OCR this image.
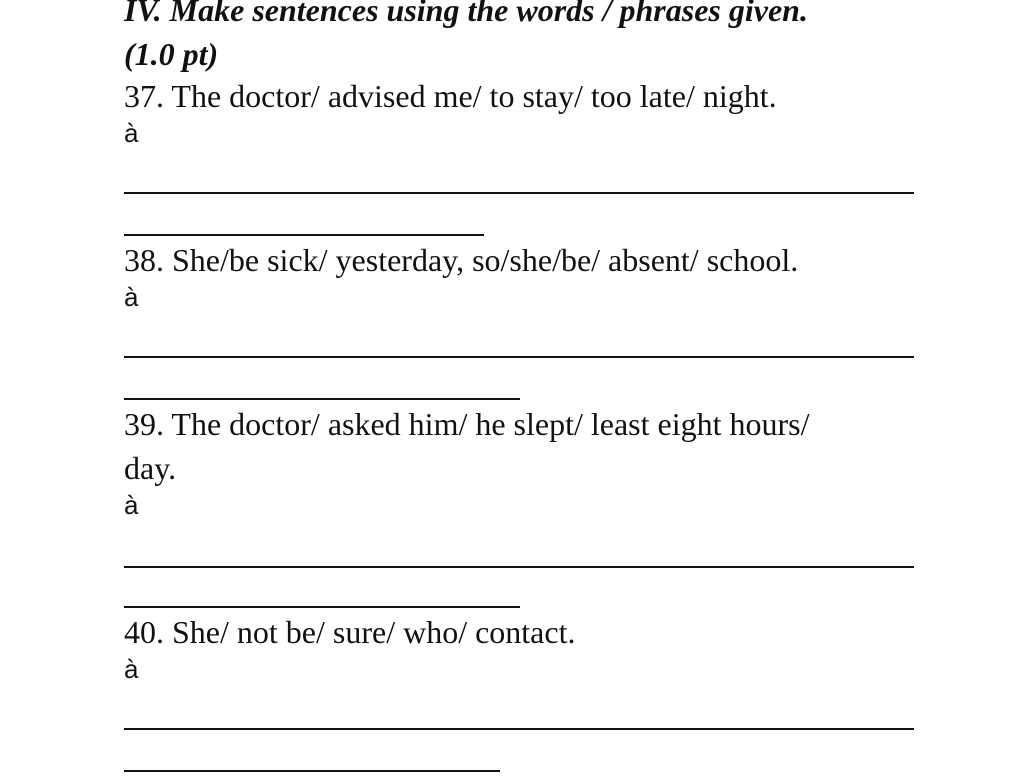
IV. Make sentences using the words / phrases given.
(1.0 pt)
37. The doctor/ advised me/ to stay/ too late/ night.
à
38. She/be sick/ yesterday, so/she/be/ absent/ school.
à
39. The doctor/ asked him/ he slept/ least eight hours/
day.
à
40. She/ not be/ sure/ who/ contact.
à
